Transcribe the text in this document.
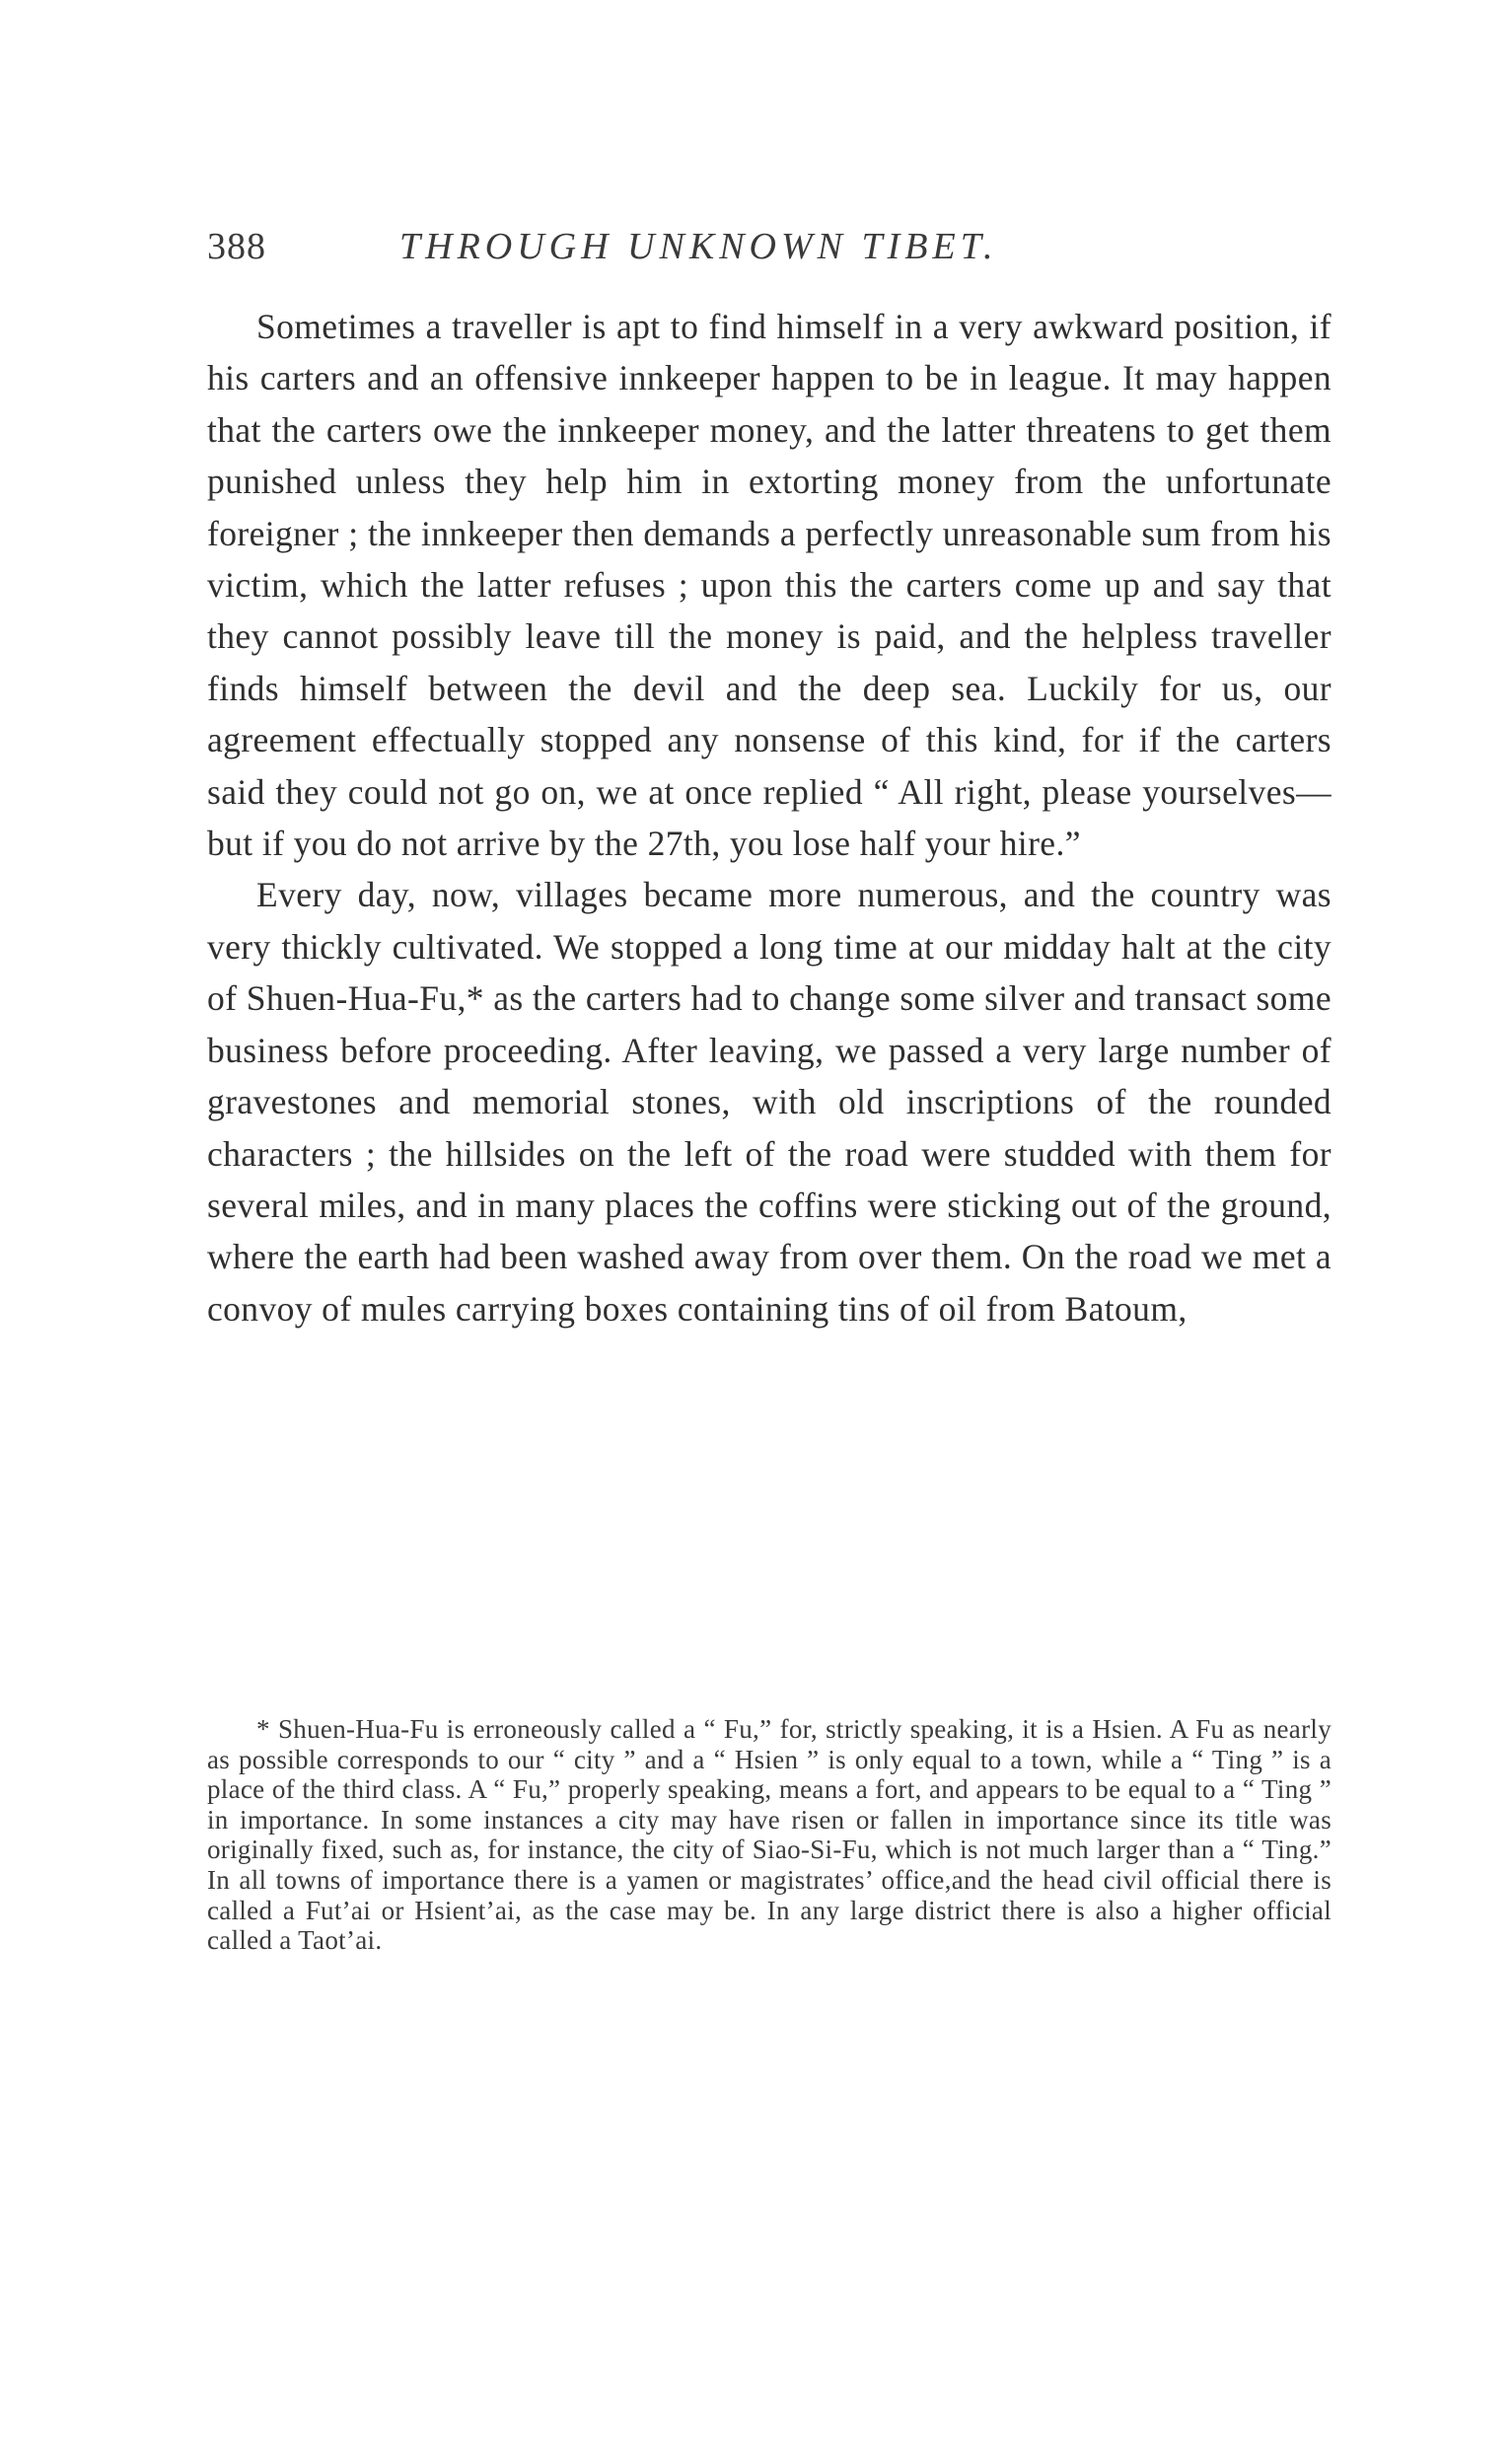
388	THROUGH UNKNOWN TIBET.

Sometimes a traveller is apt to find himself in a very awkward position, if his carters and an offensive innkeeper happen to be in league. It may happen that the carters owe the innkeeper money, and the latter threatens to get them punished unless they help him in extorting money from the unfortunate foreigner ; the innkeeper then demands a perfectly unreasonable sum from his victim, which the latter refuses ; upon this the carters come up and say that they cannot possibly leave till the money is paid, and the helpless traveller finds himself between the devil and the deep sea. Luckily for us, our agreement effectually stopped any nonsense of this kind, for if the carters said they could not go on, we at once replied “ All right, please yourselves—but if you do not arrive by the 27th, you lose half your hire.”

Every day, now, villages became more numerous, and the country was very thickly cultivated. We stopped a long time at our midday halt at the city of Shuen-Hua-Fu,* as the carters had to change some silver and transact some business before proceeding. After leaving, we passed a very large number of gravestones and memorial stones, with old inscriptions of the rounded characters ; the hillsides on the left of the road were studded with them for several miles, and in many places the coffins were sticking out of the ground, where the earth had been washed away from over them. On the road we met a convoy of mules carrying boxes containing tins of oil from Batoum,

* Shuen-Hua-Fu is erroneously called a “ Fu,” for, strictly speaking, it is a Hsien. A Fu as nearly as possible corresponds to our “ city ” and a “ Hsien ” is only equal to a town, while a “ Ting ” is a place of the third class. A “ Fu,” properly speaking, means a fort, and appears to be equal to a “ Ting ” in importance. In some instances a city may have risen or fallen in importance since its title was originally fixed, such as, for instance, the city of Siao-Si-Fu, which is not much larger than a “ Ting.” In all towns of importance there is a yamen or magistrates’ office,and the head civil official there is called a Fut’ai or Hsient’ai, as the case may be. In any large district there is also a higher official called a Taot’ai.
